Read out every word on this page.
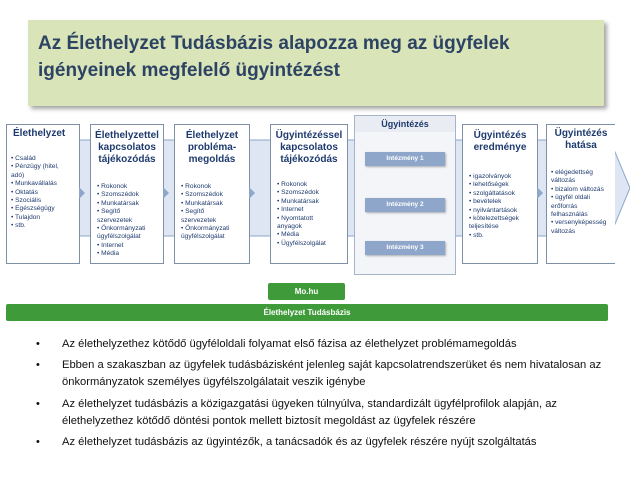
Az Élethelyzet Tudásbázis alapozza meg az ügyfelek igényeinek megfelelő ügyintézést
Élethelyzet
• Család
• Pénzügy (hitel,
adó)
• Munkavállalás
• Oktatás
• Szociális
• Egészségügy
• Tulajdon
• stb.
Élethelyzettel kapcsolatos tájékozódás
• Rokonok
• Szomszédok
• Munkatársak
• Segítő
szervezetek
• Önkormányzati
ügyfélszolgálat
• Internet
• Média
Élethelyzet probléma-megoldás
• Rokonok
• Szomszédok
• Munkatársak
• Segítő
szervezetek
• Önkormányzati
ügyfélszolgálat
Ügyintézéssel kapcsolatos tájékozódás
• Rokonok
• Szomszédok
• Munkatársak
• Internet
• Nyomtatott
anyagok
• Média
• Ügyfélszolgálat
Ügyintézés
Intézmény 1
Intézmény 2
Intézmény 3
Ügyintézés eredménye
• igazolványok
• lehetőségek
• szolgáltatások
• bevételek
• nyilvántartások
• kötelezettségek
teljesítése
• stb.
Ügyintézés hatása
• elégedettség
változás
• bizalom változás
• ügyfél oldali
erőforrás
felhasználás
• versenyképesség
változás
Mo.hu
Élethelyzet Tudásbázis
• Az élethelyzethez kötődő ügyféloldali folyamat első fázisa az élethelyzet problémamegoldás
• Ebben a szakaszban az ügyfelek tudásbázisként jelenleg saját kapcsolatrendszerüket és nem hivatalosan az önkormányzatok személyes ügyfélszolgálatait veszik igénybe
• Az élethelyzet tudásbázis a közigazgatási ügyeken túlnyúlva, standardizált ügyfélprofilok alapján, az élethelyzethez kötődő döntési pontok mellett biztosít megoldást az ügyfelek részére
• Az élethelyzet tudásbázis az ügyintézők, a tanácsadók és az ügyfelek részére nyújt szolgáltatás
